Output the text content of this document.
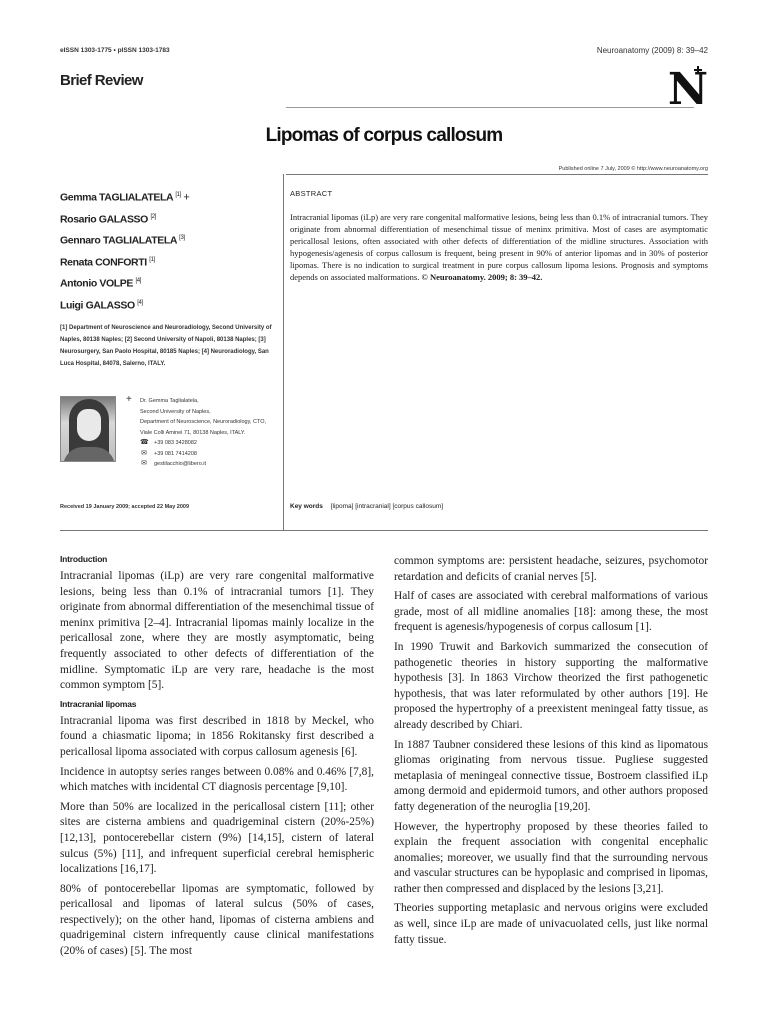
eISSN 1303-1775 • pISSN 1303-1783	Neuroanatomy (2009) 8: 39–42
Brief Review	N
Lipomas of corpus callosum
Published online 7 July, 2009 © http://www.neuroanatomy.org
Gemma TAGLIALATELA [1] +
Rosario GALASSO [2]
Gennaro TAGLIALATELA [3]
Renata CONFORTI [1]
Antonio VOLPE [4]
Luigi GALASSO [4]
[1] Department of Neuroscience and Neuroradiology, Second University of Naples, 80138 Naples; [2] Second University of Napoli, 80138 Naples; [3] Neurosurgery, San Paolo Hospital, 80185 Naples; [4] Neuroradiology, San Luca Hospital, 84078, Salerno, ITALY.
+ Dr. Gemma Taglialatela,
Second University of Naples,
Department of Neuroscience, Neuroradiology, CTO,
Viale Colli Aminei 71, 80138 Naples, ITALY.
☎ +39 083 3428082
✉ +39 081 7414208
✉ gestilacchio@libero.it
Received 19 January 2009; accepted 22 May 2009
ABSTRACT
Intracranial lipomas (iLp) are very rare congenital malformative lesions, being less than 0.1% of intracranial tumors. They originate from abnormal differentiation of mesenchimal tissue of meninx primitiva. Most of cases are asymptomatic pericallosal lesions, often associated with other defects of differentiation of the midline structures. Association with hypogenesis/agenesis of corpus callosum is frequent, being present in 90% of anterior lipomas and in 30% of posterior lipomas. There is no indication to surgical treatment in pure corpus callosum lipoma lesions. Prognosis and symptoms depends on associated malformations. © Neuroanatomy. 2009; 8: 39–42.
Key words [lipoma] [intracranial] [corpus callosum]
Introduction

Intracranial lipomas (iLp) are very rare congenital malformative lesions, being less than 0.1% of intracranial tumors [1]. They originate from abnormal differentiation of the mesenchimal tissue of meninx primitiva [2–4]. Intracranial lipomas mainly localize in the pericallosal zone, where they are mostly asymptomatic, being frequently associated to other defects of differentiation of the midline. Symptomatic iLp are very rare, headache is the most common symptom [5].

Intracranial lipomas

Intracranial lipoma was first described in 1818 by Meckel, who found a chiasmatic lipoma; in 1856 Rokitansky first described a pericallosal lipoma associated with corpus callosum agenesis [6].

Incidence in autoptsy series ranges between 0.08% and 0.46% [7,8], which matches with incidental CT diagnosis percentage [9,10].

More than 50% are localized in the pericallosal cistern [11]; other sites are cisterna ambiens and quadrigeminal cistern (20%-25%) [12,13], pontocerebellar cistern (9%) [14,15], cistern of lateral sulcus (5%) [11], and infrequent superficial cerebral hemispheric localizations [16,17].

80% of pontocerebellar lipomas are symptomatic, followed by pericallosal and lipomas of lateral sulcus (50% of cases, respectively); on the other hand, lipomas of cisterna ambiens and quadrigeminal cistern infrequently cause clinical manifestations (20% of cases) [5]. The most

common symptoms are: persistent headache, seizures, psychomotor retardation and deficits of cranial nerves [5].

Half of cases are associated with cerebral malformations of various grade, most of all midline anomalies [18]: among these, the most frequent is agenesis/hypogenesis of corpus callosum [1].

In 1990 Truwit and Barkovich summarized the consecution of pathogenetic theories in history supporting the malformative hypothesis [3]. In 1863 Virchow theorized the first pathogenetic hypothesis, that was later reformulated by other authors [19]. He proposed the hypertrophy of a preexistent meningeal fatty tissue, as already described by Chiari.

In 1887 Taubner considered these lesions of this kind as lipomatous gliomas originating from nervous tissue. Pugliese suggested metaplasia of meningeal connective tissue, Bostroem classified iLp among dermoid and epidermoid tumors, and other authors proposed fatty degeneration of the neuroglia [19,20].

However, the hypertrophy proposed by these theories failed to explain the frequent association with congenital encephalic anomalies; moreover, we usually find that the surrounding nervous and vascular structures can be hypoplasic and comprised in lipomas, rather then compressed and displaced by the lesions [3,21].

Theories supporting metaplasic and nervous origins were excluded as well, since iLp are made of univacuolated cells, just like normal fatty tissue.
